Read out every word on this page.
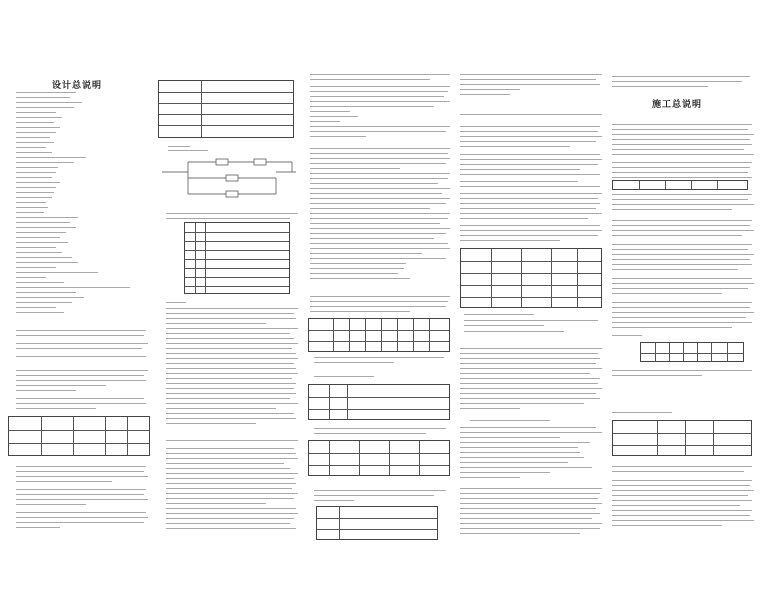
设计总说明
施工总说明
